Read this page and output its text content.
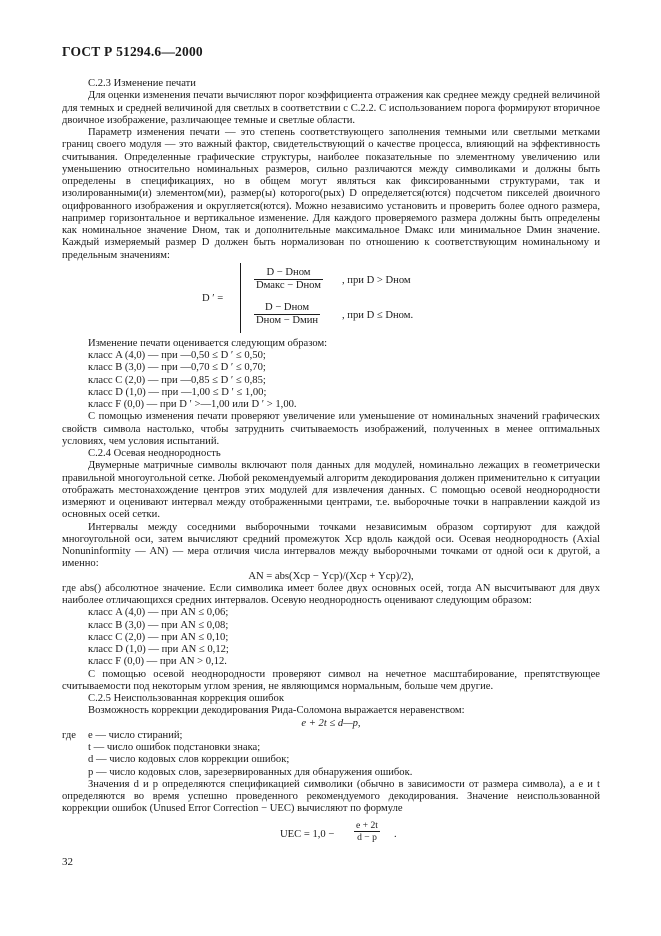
ГОСТ Р 51294.6—2000

С.2.3 Изменение печати

Для оценки изменения печати вычисляют порог коэффициента отражения как среднее между средней величиной для темных и средней величиной для светлых в соответствии с С.2.2. С использованием порога формируют вторичное двоичное изображение, различающее темные и светлые области.

Параметр изменения печати — это степень соответствующего заполнения темными или светлыми метками границ своего модуля — это важный фактор, свидетельствующий о качестве процесса, влияющий на эффективность считывания. Определенные графические структуры, наиболее показательные по элементному увеличению или уменьшению относительно номинальных размеров, сильно различаются между символиками и должны быть определены в спецификациях, но в общем могут являться как фиксированными структурами, так и изолированными(и) элементом(ми), размер(ы) которого(рых) D определяется(ются) подсчетом пикселей двоичного оцифрованного изображения и округляется(ются). Можно независимо установить и проверить более одного размера, например горизонтальное и вертикальное изменение. Для каждого проверяемого размера должны быть определены как номинальное значение Dном, так и дополнительные максимальное Dмакс или минимальное Dмин значение. Каждый измеряемый размер D должен быть нормализован по отношению к соответствующим номинальному и предельным значениям:

D ′ =
D − Dном
Dмакс − Dном , при D > Dном
D − Dном
Dном − Dмин , при D ≤ Dном.

Изменение печати оценивается следующим образом:

класс A (4,0) — при —0,50 ≤ D ′ ≤ 0,50;

класс B (3,0) — при —0,70 ≤ D ′ ≤ 0,70;

класс C (2,0) — при —0,85 ≤ D ′ ≤ 0,85;

класс D (1,0) — при —1,00 ≤ D ′ ≤ 1,00;

класс F (0,0) — при D ′ >—1,00 или D ′ > 1,00.

С помощью изменения печати проверяют увеличение или уменьшение от номинальных значений графических свойств символа настолько, чтобы затруднить считываемость изображений, полученных в менее оптимальных условиях, чем условия испытаний.

С.2.4 Осевая неоднородность

Двумерные матричные символы включают поля данных для модулей, номинально лежащих в геометрически правильной многоугольной сетке. Любой рекомендуемый алгоритм декодирования должен применительно к ситуации отображать местонахождение центров этих модулей для извлечения данных. С помощью осевой неоднородности измеряют и оценивают интервал между отображенными центрами, т.е. выборочные точки в направлении каждой из основных осей сетки.

Интервалы между соседними выборочными точками независимым образом сортируют для каждой многоугольной оси, затем вычисляют средний промежуток Xср вдоль каждой оси. Осевая неоднородность (Axial Nonuninformity — AN) — мера отличия числа интервалов между выборочными точками от одной оси к другой, а именно:

AN = abs(Xср − Yср)/(Xср + Yср)/2),

где abs() абсолютное значение. Если символика имеет более двух основных осей, тогда AN высчитывают для двух наиболее отличающихся средних интервалов. Осевую неоднородность оценивают следующим образом:

класс A (4,0) — при AN ≤ 0,06;

класс B (3,0) — при AN ≤ 0,08;

класс C (2,0) — при AN ≤ 0,10;

класс D (1,0) — при AN ≤ 0,12;

класс F (0,0) — при AN > 0,12.

С помощью осевой неоднородности проверяют символ на нечетное масштабирование, препятствующее считываемости под некоторым углом зрения, не являющимся нормальным, больше чем другие.

С.2.5 Неиспользованная коррекция ошибок

Возможность коррекции декодирования Рида-Соломона выражается неравенством:

e + 2t ≤ d—p,

где e — число стираний;

t — число ошибок подстановки знака;

d — число кодовых слов коррекции ошибок;

p — число кодовых слов, зарезервированных для обнаружения ошибок.

Значения d и p определяются спецификацией символики (обычно в зависимости от размера символа), а e и t определяются во время успешно проведенного рекомендуемого декодирования. Значение неиспользованной коррекции ошибок (Unused Error Correction − UEC) вычисляют по формуле

UEC = $1,0 - \frac{e + 2t}{d - p}$ .
32
